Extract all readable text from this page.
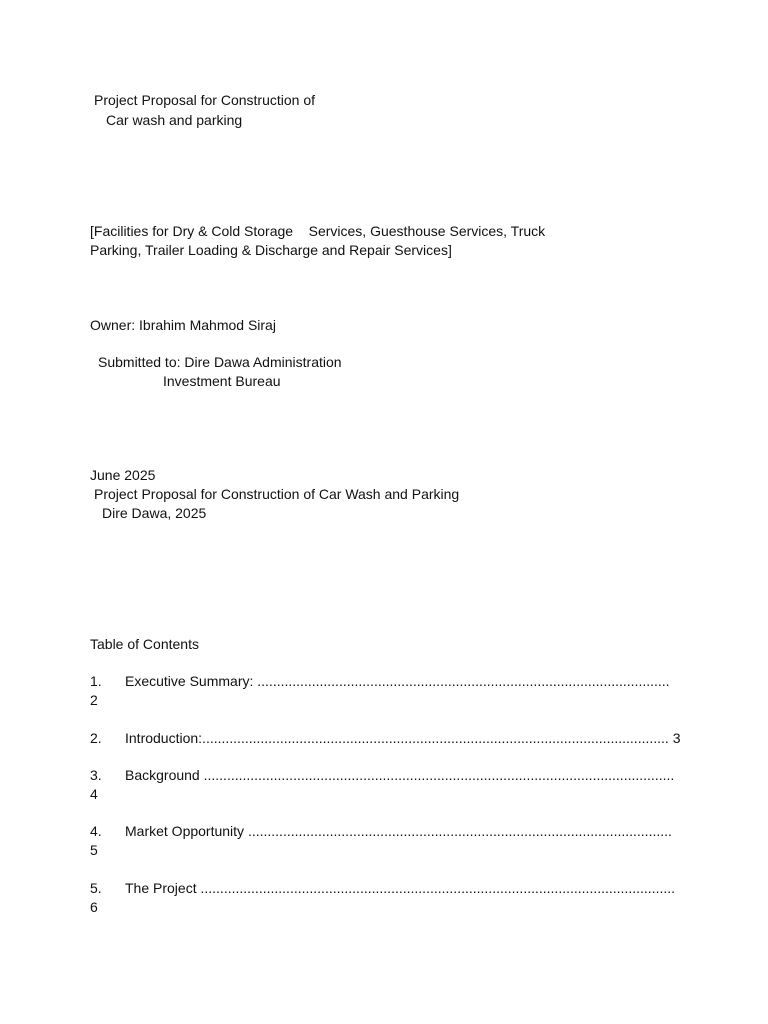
Project Proposal for Construction of
Car wash and parking
[Facilities for Dry & Cold Storage    Services, Guesthouse Services, Truck
Parking, Trailer Loading & Discharge and Repair Services]
Owner: Ibrahim Mahmod Siraj
Submitted to: Dire Dawa Administration
Investment Bureau
June 2025
Project Proposal for Construction of Car Wash and Parking
Dire Dawa, 2025
Table of Contents
1. Executive Summary: ..........................................................................................................
2
2. Introduction:........................................................................................................................ 3
3. Background .........................................................................................................................
4
4. Market Opportunity .............................................................................................................
5
5. The Project ..........................................................................................................................
6
